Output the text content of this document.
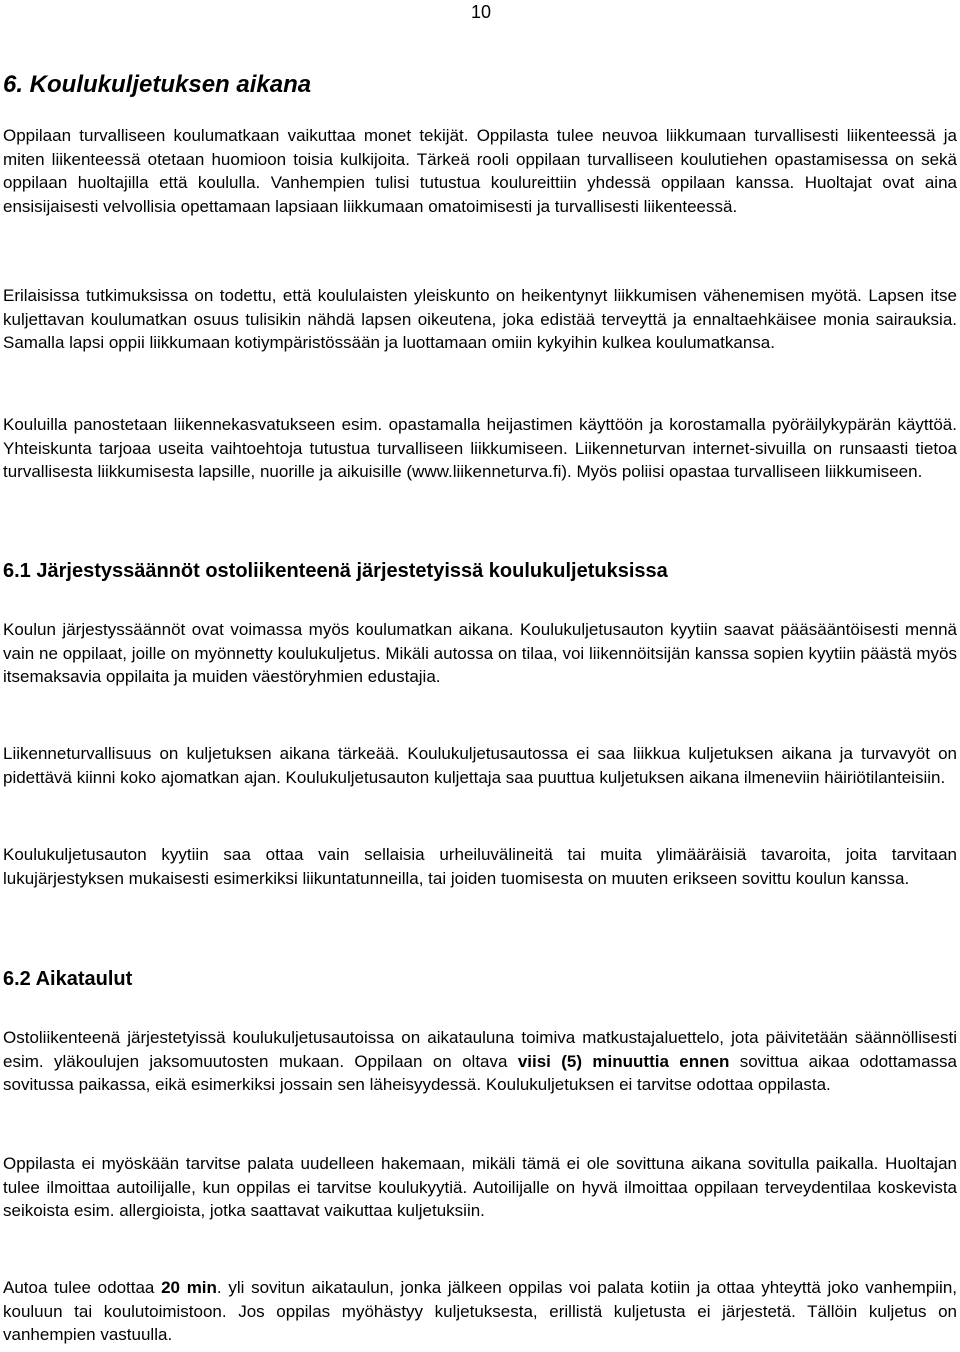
10
6. Koulukuljetuksen aikana

Oppilaan turvalliseen koulumatkaan vaikuttaa monet tekijät. Oppilasta tulee neuvoa liikkumaan turvallisesti liikenteessä ja miten liikenteessä otetaan huomioon toisia kulkijoita. Tärkeä rooli oppilaan turvalliseen koulutiehen opastamisessa on sekä oppilaan huoltajilla että koululla. Vanhempien tulisi tutustua koulureittiin yhdessä oppilaan kanssa. Huoltajat ovat aina ensisijaisesti velvollisia opettamaan lapsiaan liikkumaan omatoimisesti ja turvallisesti liikenteessä.

Erilaisissa tutkimuksissa on todettu, että koululaisten yleiskunto on heikentynyt liikkumisen vähenemisen myötä. Lapsen itse kuljettavan koulumatkan osuus tulisikin nähdä lapsen oikeutena, joka edistää terveyttä ja ennaltaehkäisee monia sairauksia. Samalla lapsi oppii liikkumaan kotiympäristössään ja luottamaan omiin kykyihin kulkea koulumatkansa.

Kouluilla panostetaan liikennekasvatukseen esim. opastamalla heijastimen käyttöön ja korostamalla pyöräilykypärän käyttöä. Yhteiskunta tarjoaa useita vaihtoehtoja tutustua turvalliseen liikkumiseen. Liikenneturvan internet-sivuilla on runsaasti tietoa turvallisesta liikkumisesta lapsille, nuorille ja aikuisille (www.liikenneturva.fi). Myös poliisi opastaa turvalliseen liikkumiseen.

6.1 Järjestyssäännöt ostoliikenteenä järjestetyissä koulukuljetuksissa

Koulun järjestyssäännöt ovat voimassa myös koulumatkan aikana. Koulukuljetusauton kyytiin saavat pääsääntöisesti mennä vain ne oppilaat, joille on myönnetty koulukuljetus. Mikäli autossa on tilaa, voi liikennöitsijän kanssa sopien kyytiin päästä myös itsemaksavia oppilaita ja muiden väestöryhmien edustajia.

Liikenneturvallisuus on kuljetuksen aikana tärkeää. Koulukuljetusautossa ei saa liikkua kuljetuksen aikana ja turvavyöt on pidettävä kiinni koko ajomatkan ajan. Koulukuljetusauton kuljettaja saa puuttua kuljetuksen aikana ilmeneviin häiriötilanteisiin.

Koulukuljetusauton kyytiin saa ottaa vain sellaisia urheiluvälineitä tai muita ylimääräisiä tavaroita, joita tarvitaan lukujärjestyksen mukaisesti esimerkiksi liikuntatunneilla, tai joiden tuomisesta on muuten erikseen sovittu koulun kanssa.

6.2 Aikataulut

Ostoliikenteenä järjestetyissä koulukuljetusautoissa on aikatauluna toimiva matkustajaluettelo, jota päivitetään säännöllisesti esim. yläkoulujen jaksomuutosten mukaan. Oppilaan on oltava viisi (5) minuuttia ennen sovittua aikaa odottamassa sovitussa paikassa, eikä esimerkiksi jossain sen läheisyydessä. Koulukuljetuksen ei tarvitse odottaa oppilasta.

Oppilasta ei myöskään tarvitse palata uudelleen hakemaan, mikäli tämä ei ole sovittuna aikana sovitulla paikalla. Huoltajan tulee ilmoittaa autoilijalle, kun oppilas ei tarvitse koulukyytiä. Autoilijalle on hyvä ilmoittaa oppilaan terveydentilaa koskevista seikoista esim. allergioista, jotka saattavat vaikuttaa kuljetuksiin.

Autoa tulee odottaa 20 min. yli sovitun aikataulun, jonka jälkeen oppilas voi palata kotiin ja ottaa yhteyttä joko vanhempiin, kouluun tai koulutoimistoon. Jos oppilas myöhästyy kuljetuksesta, erillistä kuljetusta ei järjestetä. Tällöin kuljetus on vanhempien vastuulla.
